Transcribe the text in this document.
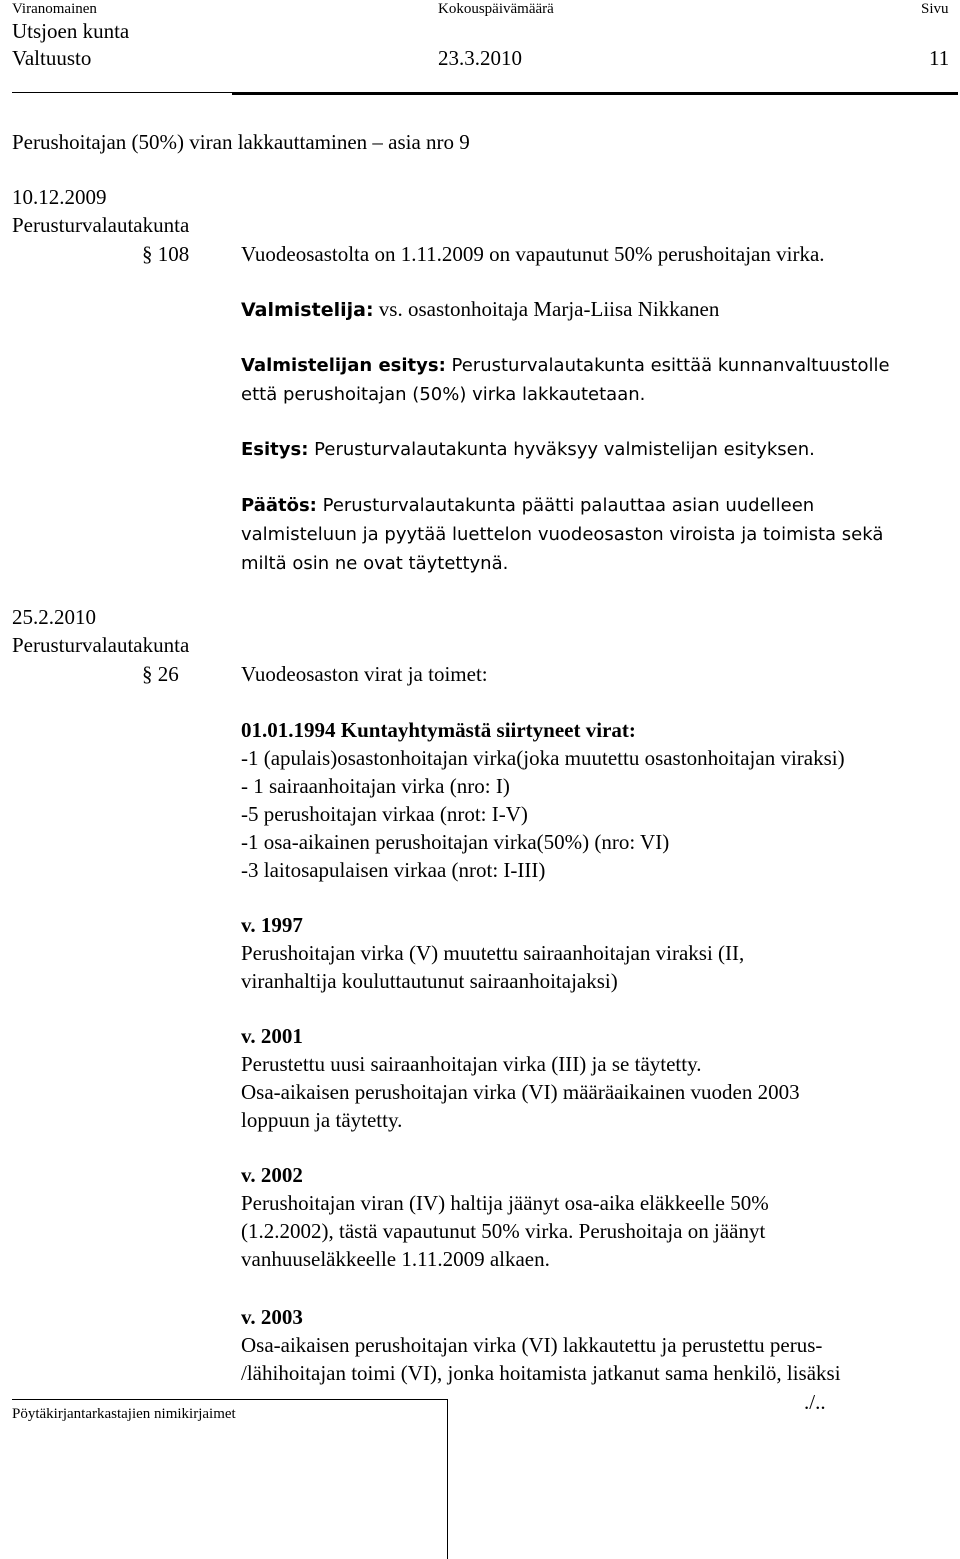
Viranomainen	Kokouspäivämäärä	Sivu
Utsjoen kunta
Valtuusto	23.3.2010	11
Perushoitajan (50%) viran lakkauttaminen – asia nro 9
10.12.2009
Perusturvalautakunta
§ 108 Vuodeosastolta on 1.11.2009 on vapautunut 50% perushoitajan virka.
Valmistelija: vs. osastonhoitaja Marja-Liisa Nikkanen

Valmistelijan esitys: Perusturvalautakunta esittää kunnanvaltuustolle

että perushoitajan (50%) virka lakkautetaan.

Esitys: Perusturvalautakunta hyväksyy valmistelijan esityksen.

Päätös: Perusturvalautakunta päätti palauttaa asian uudelleen

valmisteluun ja pyytää luettelon vuodeosaston viroista ja toimista sekä

miltä osin ne ovat täytettynä.

25.2.2010
Perusturvalautakunta
§ 26	Vuodeosaston virat ja toimet:

01.01.1994 Kuntayhtymästä siirtyneet virat:

-1 (apulais)osastonhoitajan virka(joka muutettu osastonhoitajan viraksi)

- 1 sairaanhoitajan virka (nro: I)

-5 perushoitajan virkaa (nrot: I-V)

-1 osa-aikainen perushoitajan virka(50%) (nro: VI)

-3 laitosapulaisen virkaa (nrot: I-III)

v. 1997

Perushoitajan virka (V) muutettu sairaanhoitajan viraksi (II,

viranhaltija kouluttautunut sairaanhoitajaksi)

v. 2001

Perustettu uusi sairaanhoitajan virka (III) ja se täytetty.

Osa-aikaisen perushoitajan virka (VI) määräaikainen vuoden 2003

loppuun ja täytetty.

v. 2002

Perushoitajan viran (IV) haltija jäänyt osa-aika eläkkeelle 50%

(1.2.2002), tästä vapautunut 50% virka. Perushoitaja on jäänyt

vanhuuseläkkeelle 1.11.2009 alkaen.

v. 2003

Osa-aikaisen perushoitajan virka (VI) lakkautettu ja perustettu perus-

/lähihoitajan toimi (VI), jonka hoitamista jatkanut sama henkilö, lisäksi

./..
Pöytäkirjantarkastajien nimikirjaimet
